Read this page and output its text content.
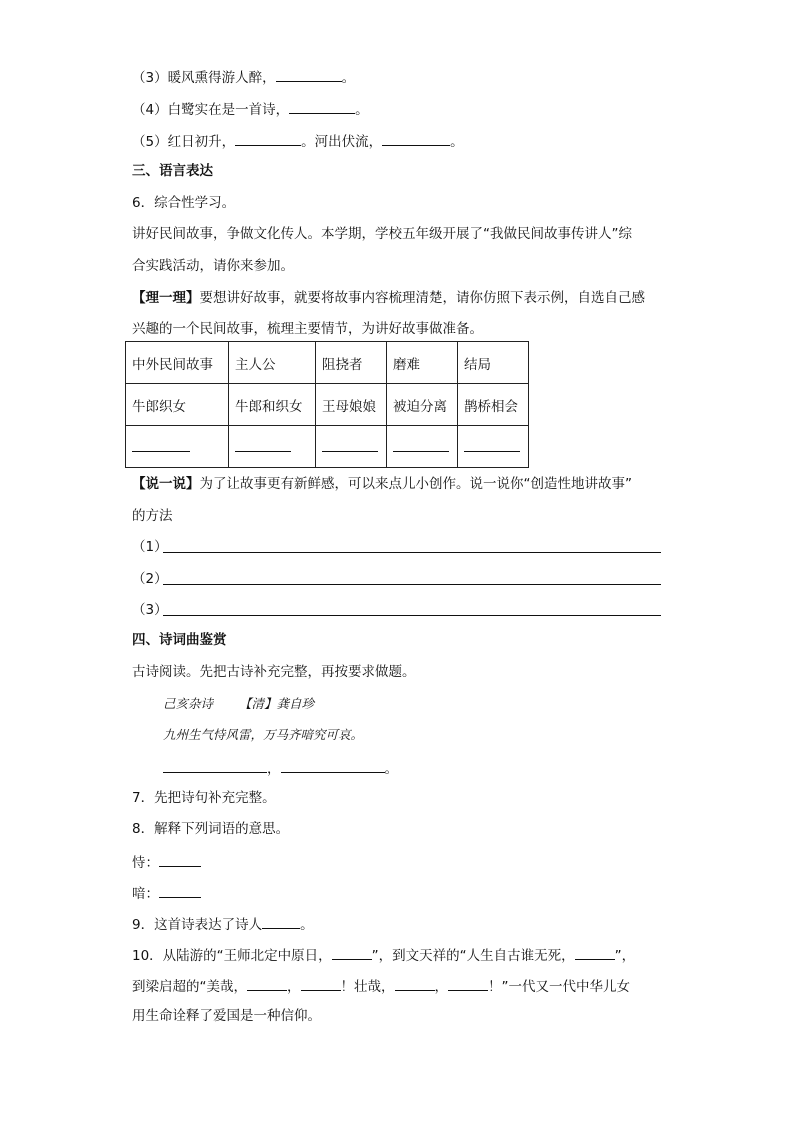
（3）暖风熏得游人醉，	。
（4）白鹭实在是一首诗，	。
（5）红日初升，	。河出伏流，	。
三、语言表达
6．综合性学习。
讲好民间故事，争做文化传人。本学期，学校五年级开展了“我做民间故事传讲人”综
合实践活动，请你来参加。
【理一理】要想讲好故事，就要将故事内容梳理清楚，请你仿照下表示例，自选自己感
兴趣的一个民间故事，梳理主要情节，为讲好故事做准备。
中外民间故事	主人公	阻挠者	磨难	结局
牛郎织女	牛郎和织女	王母娘娘	被迫分离	鹊桥相会

【说一说】为了让故事更有新鲜感，可以来点儿小创作。说一说你“创造性地讲故事”
的方法
（1）
（2）
（3）
四、诗词曲鉴赏
古诗阅读。先把古诗补充完整，再按要求做题。
己亥杂诗 【清】龚自珍
九州生气恃风雷，万马齐喑究可哀。
，	。
7．先把诗句补充完整。
8．解释下列词语的意思。
恃：
喑：
9．这首诗表达了诗人	。
10．从陆游的“王师北定中原日，	”，到文天祥的“人生自古谁无死，	”，
到梁启超的“美哉，	，	！壮哉，	，	！”一代又一代中华儿女
用生命诠释了爱国是一种信仰。
